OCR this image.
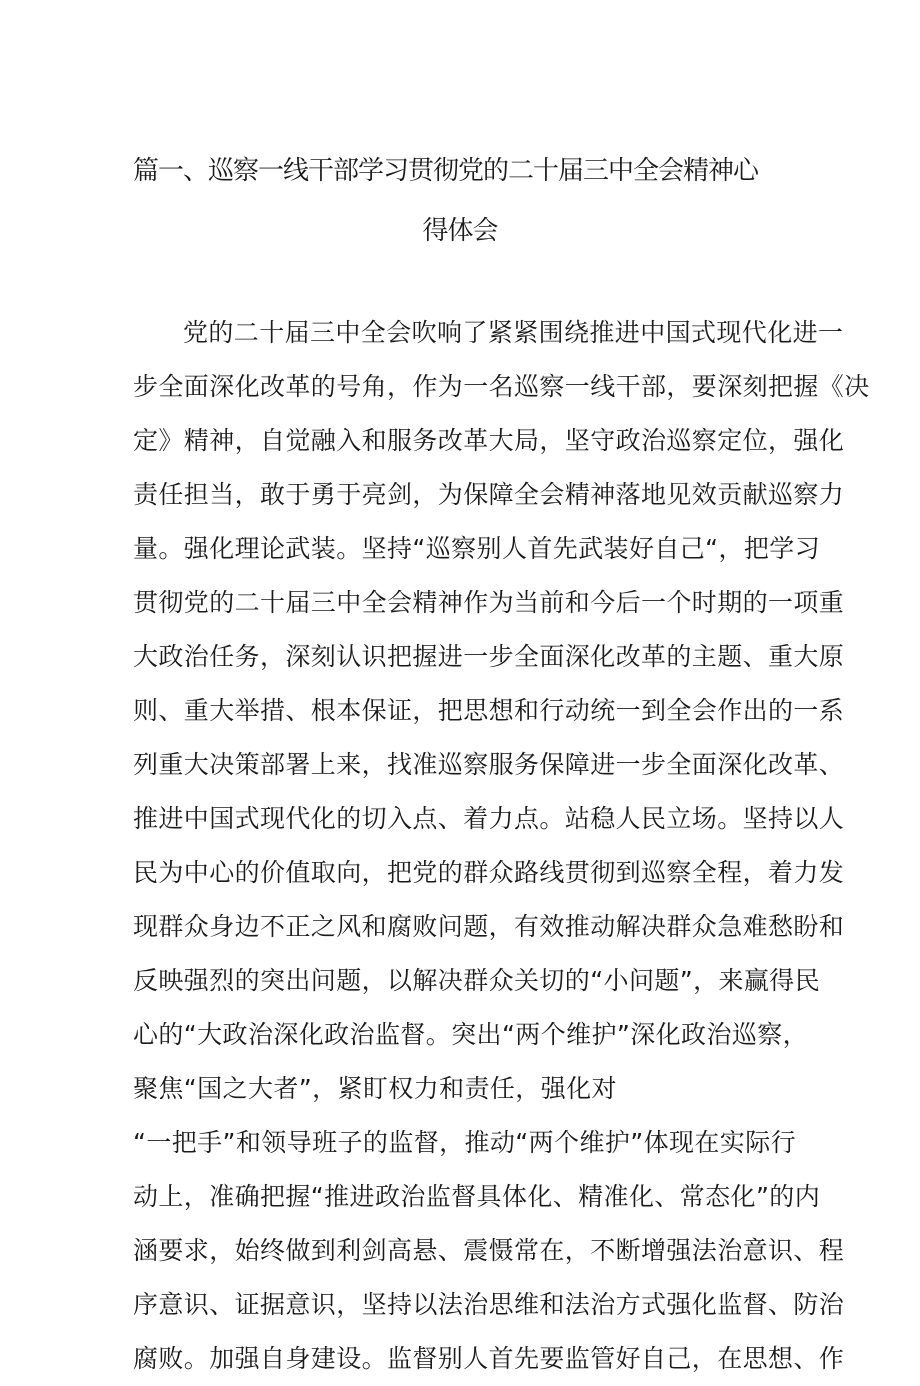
篇一、巡察一线干部学习贯彻党的二十届三中全会精神心
得体会
党的二十届三中全会吹响了紧紧围绕推进中国式现代化进一
步全面深化改革的号角，作为一名巡察一线干部，要深刻把握《决
定》精神，自觉融入和服务改革大局，坚守政治巡察定位，强化
责任担当，敢于勇于亮剑，为保障全会精神落地见效贡献巡察力
量。强化理论武装。坚持“巡察别人首先武装好自己“，把学习
贯彻党的二十届三中全会精神作为当前和今后一个时期的一项重
大政治任务，深刻认识把握进一步全面深化改革的主题、重大原
则、重大举措、根本保证，把思想和行动统一到全会作出的一系
列重大决策部署上来，找准巡察服务保障进一步全面深化改革、
推进中国式现代化的切入点、着力点。站稳人民立场。坚持以人
民为中心的价值取向，把党的群众路线贯彻到巡察全程，着力发
现群众身边不正之风和腐败问题，有效推动解决群众急难愁盼和
反映强烈的突出问题，以解决群众关切的“小问题”，来赢得民
心的“大政治深化政治监督。突出“两个维护”深化政治巡察，
聚焦“国之大者”，紧盯权力和责任，强化对
“一把手”和领导班子的监督，推动“两个维护”体现在实际行
动上，准确把握“推进政治监督具体化、精准化、常态化”的内
涵要求，始终做到利剑高悬、震慑常在，不断增强法治意识、程
序意识、证据意识，坚持以法治思维和法治方式强化监督、防治
腐败。加强自身建设。监督别人首先要监管好自己，在思想、作
